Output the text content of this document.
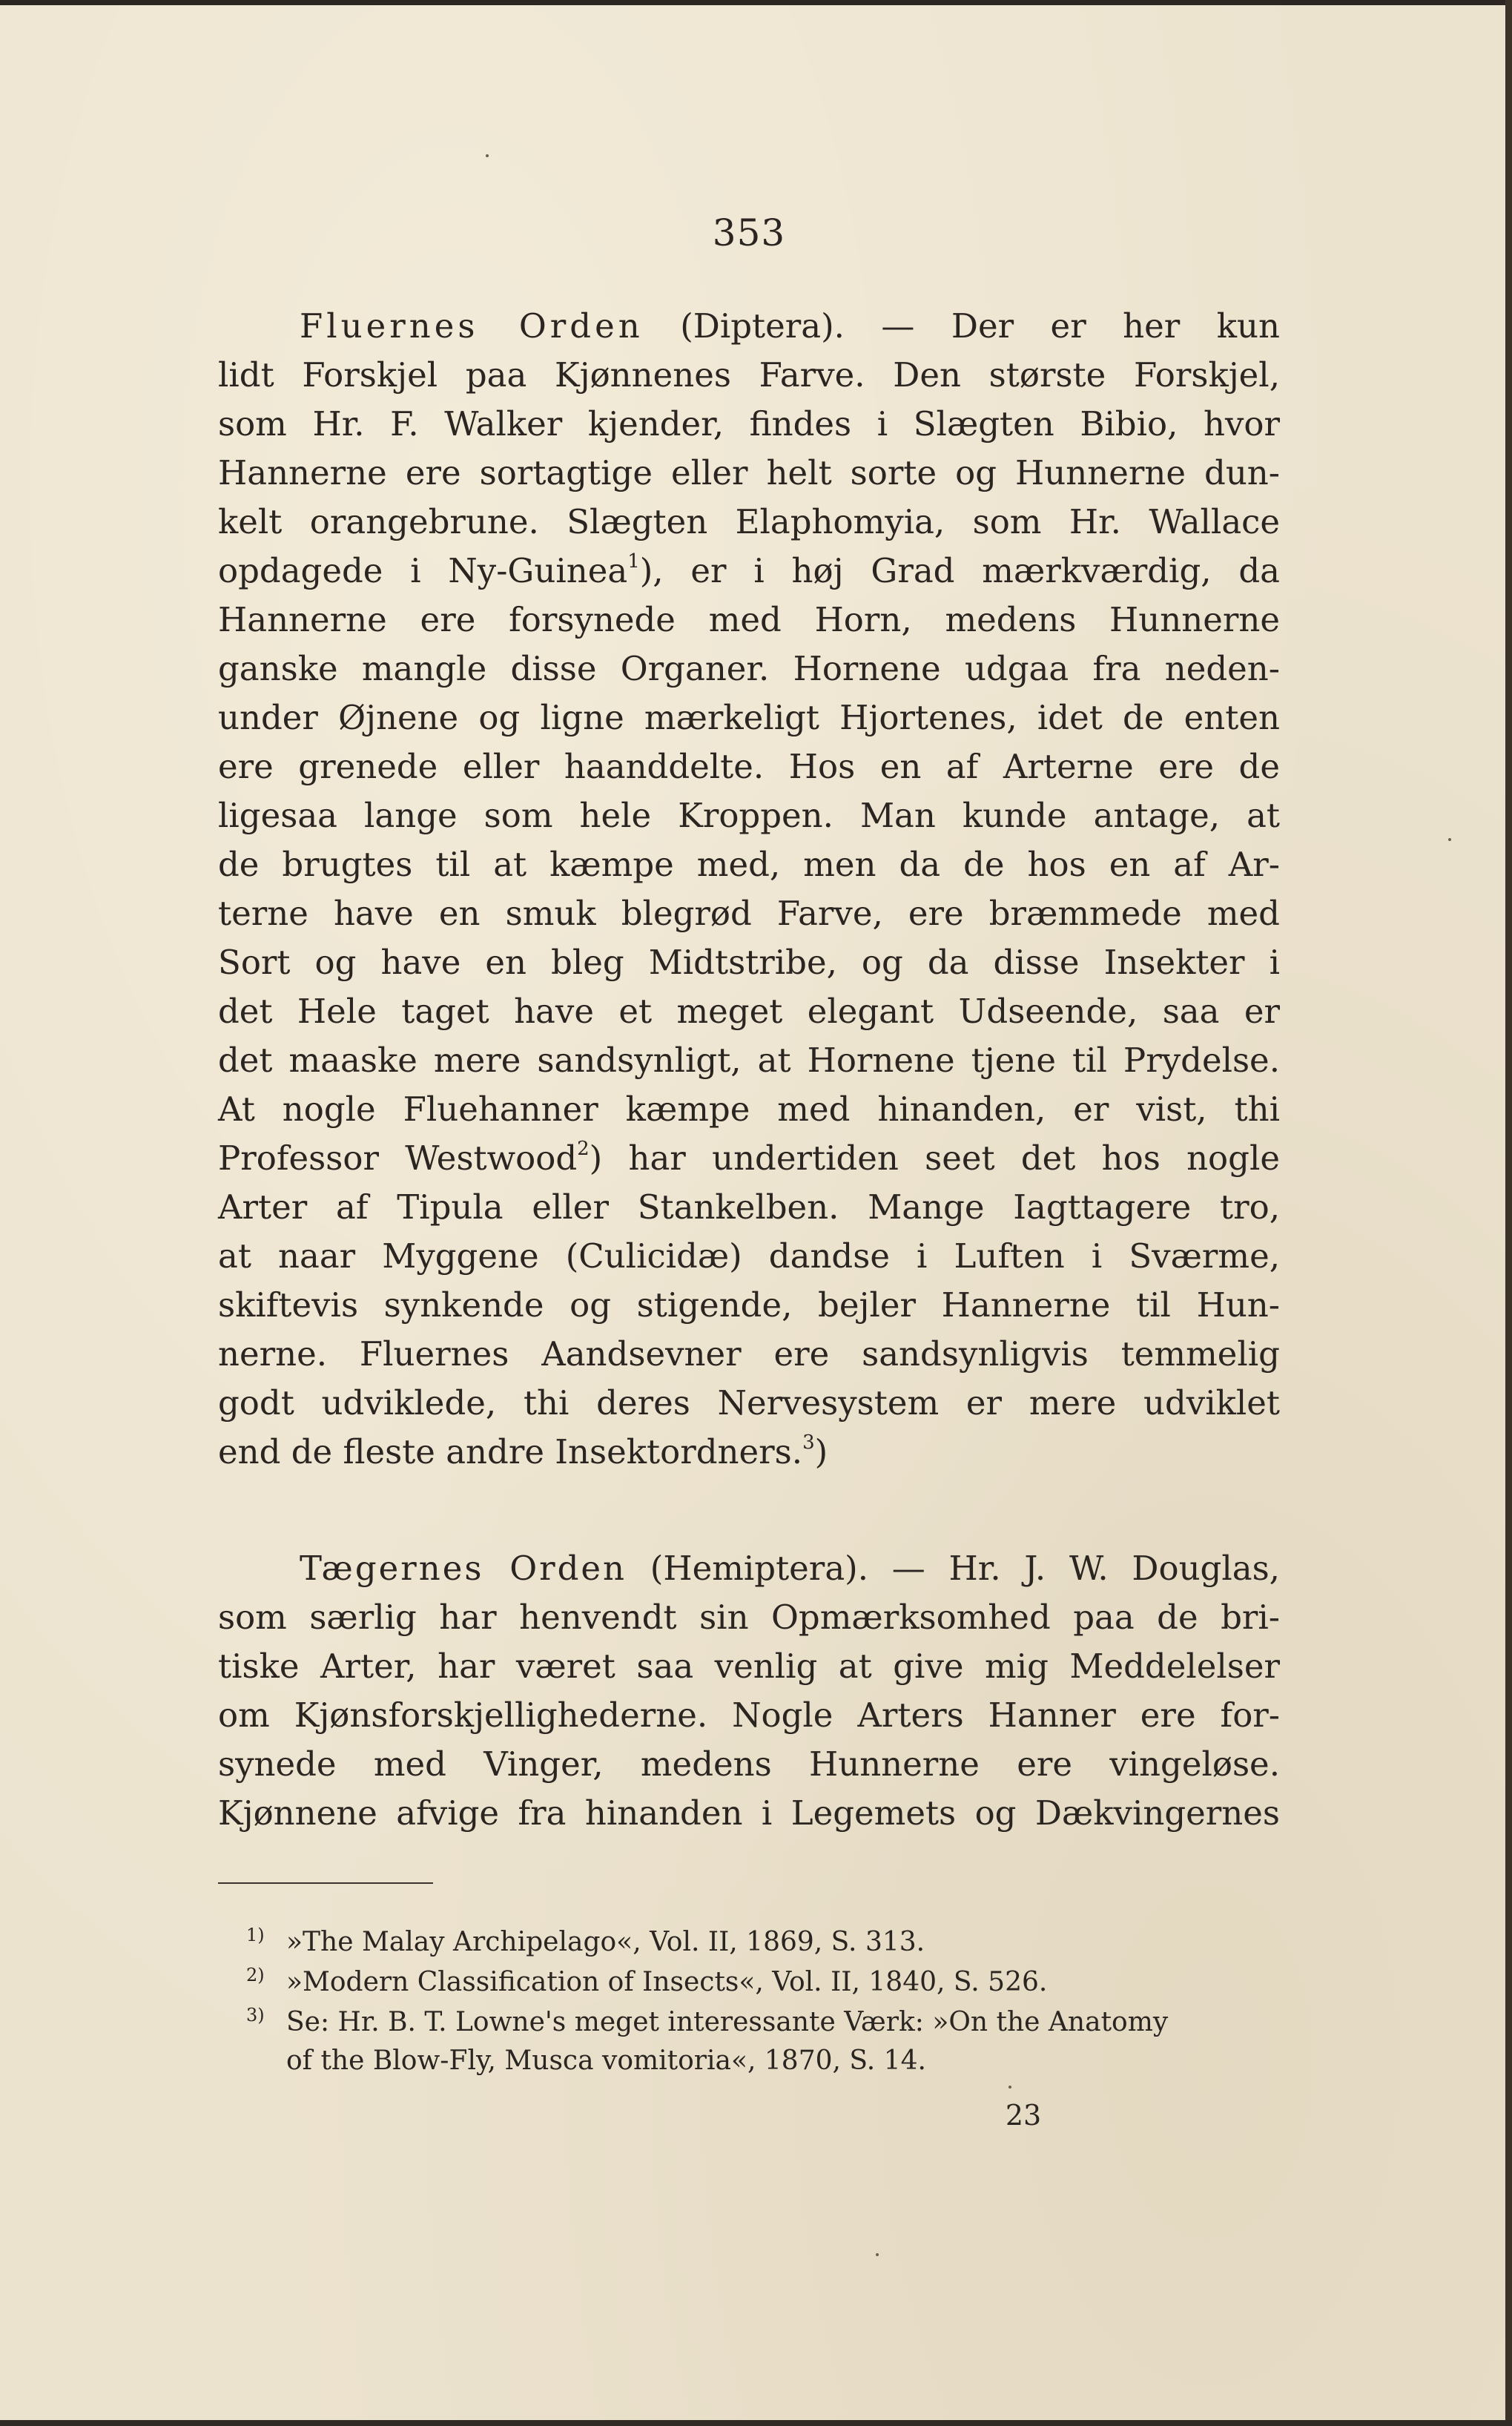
353
Fluernes Orden (Diptera). — Der er her kun
lidt Forskjel paa Kjønnenes Farve. Den største Forskjel,
som Hr. F. Walker kjender, findes i Slægten Bibio, hvor
Hannerne ere sortagtige eller helt sorte og Hunnerne dun-
kelt orangebrune. Slægten Elaphomyia, som Hr. Wallace
opdagede i Ny-Guinea$^1$), er i høj Grad mærkværdig, da
Hannerne ere forsynede med Horn, medens Hunnerne
ganske mangle disse Organer. Hornene udgaa fra neden-
under Øjnene og ligne mærkeligt Hjortenes, idet de enten
ere grenede eller haanddelte. Hos en af Arterne ere de
ligesaa lange som hele Kroppen. Man kunde antage, at
de brugtes til at kæmpe med, men da de hos en af Ar-
terne have en smuk blegrød Farve, ere bræmmede med
Sort og have en bleg Midtstribe, og da disse Insekter i
det Hele taget have et meget elegant Udseende, saa er
det maaske mere sandsynligt, at Hornene tjene til Prydelse.
At nogle Fluehanner kæmpe med hinanden, er vist, thi
Professor Westwood$^2$) har undertiden seet det hos nogle
Arter af Tipula eller Stankelben. Mange Iagttagere tro,
at naar Myggene (Culicidæ) dandse i Luften i Sværme,
skiftevis synkende og stigende, bejler Hannerne til Hun-
nerne. Fluernes Aandsevner ere sandsynligvis temmelig
godt udviklede, thi deres Nervesystem er mere udviklet
end de fleste andre Insektordners.$^3$)
Tægernes Orden (Hemiptera). — Hr. J. W. Douglas,
som særlig har henvendt sin Opmærksomhed paa de bri-
tiske Arter, har været saa venlig at give mig Meddelelser
om Kjønsforskjellighederne. Nogle Arters Hanner ere for-
synede med Vinger, medens Hunnerne ere vingeløse.
Kjønnene afvige fra hinanden i Legemets og Dækvingernes
1) »The Malay Archipelago«, Vol. II, 1869, S. 313.
2) »Modern Classification of Insects«, Vol. II, 1840, S. 526.
3) Se: Hr. B. T. Lowne's meget interessante Værk: »On the Anatomy
of the Blow-Fly, Musca vomitoria«, 1870, S. 14.
23
